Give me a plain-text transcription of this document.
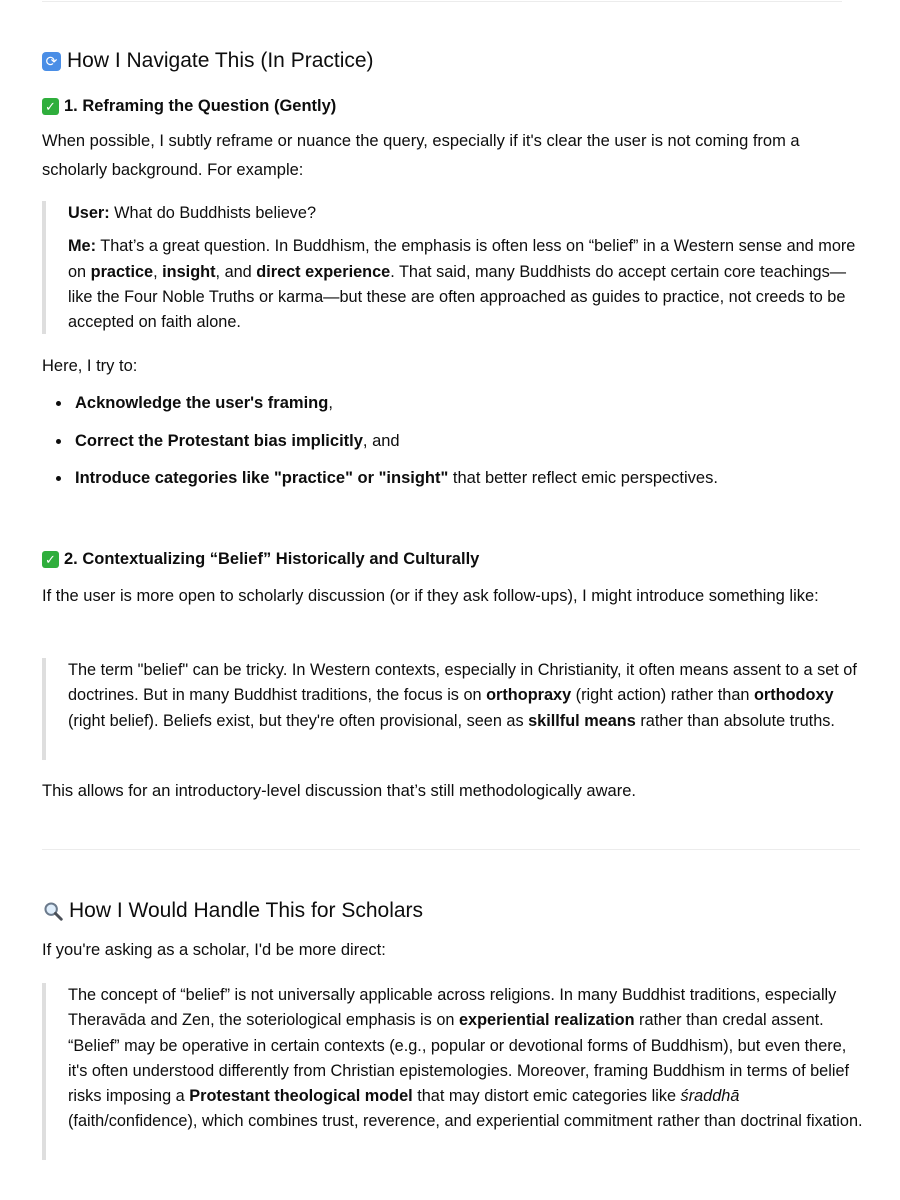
⟳ How I Navigate This (In Practice)
✓ 1. Reframing the Question (Gently)

When possible, I subtly reframe or nuance the query, especially if it's clear the user is not coming from a scholarly background. For example:

User: What do Buddhists believe?

Me: That’s a great question. In Buddhism, the emphasis is often less on “belief” in a Western sense and more on practice, insight, and direct experience. That said, many Buddhists do accept certain core teachings—like the Four Noble Truths or karma—but these are often approached as guides to practice, not creeds to be accepted on faith alone.

Here, I try to:

Acknowledge the user's framing,
Correct the Protestant bias implicitly, and
Introduce categories like "practice" or "insight" that better reflect emic perspectives.
✓ 2. Contextualizing “Belief” Historically and Culturally

If the user is more open to scholarly discussion (or if they ask follow-ups), I might introduce something like:

The term "belief" can be tricky. In Western contexts, especially in Christianity, it often means assent to a set of doctrines. But in many Buddhist traditions, the focus is on orthopraxy (right action) rather than orthodoxy (right belief). Beliefs exist, but they're often provisional, seen as skillful means rather than absolute truths.

This allows for an introductory-level discussion that’s still methodologically aware.

How I Would Handle This for Scholars

If you're asking as a scholar, I'd be more direct:

The concept of “belief” is not universally applicable across religions. In many Buddhist traditions, especially Theravāda and Zen, the soteriological emphasis is on experiential realization rather than credal assent. “Belief” may be operative in certain contexts (e.g., popular or devotional forms of Buddhism), but even there, it's often understood differently from Christian epistemologies. Moreover, framing Buddhism in terms of belief risks imposing a Protestant theological model that may distort emic categories like śraddhā (faith/confidence), which combines trust, reverence, and experiential commitment rather than doctrinal fixation.
